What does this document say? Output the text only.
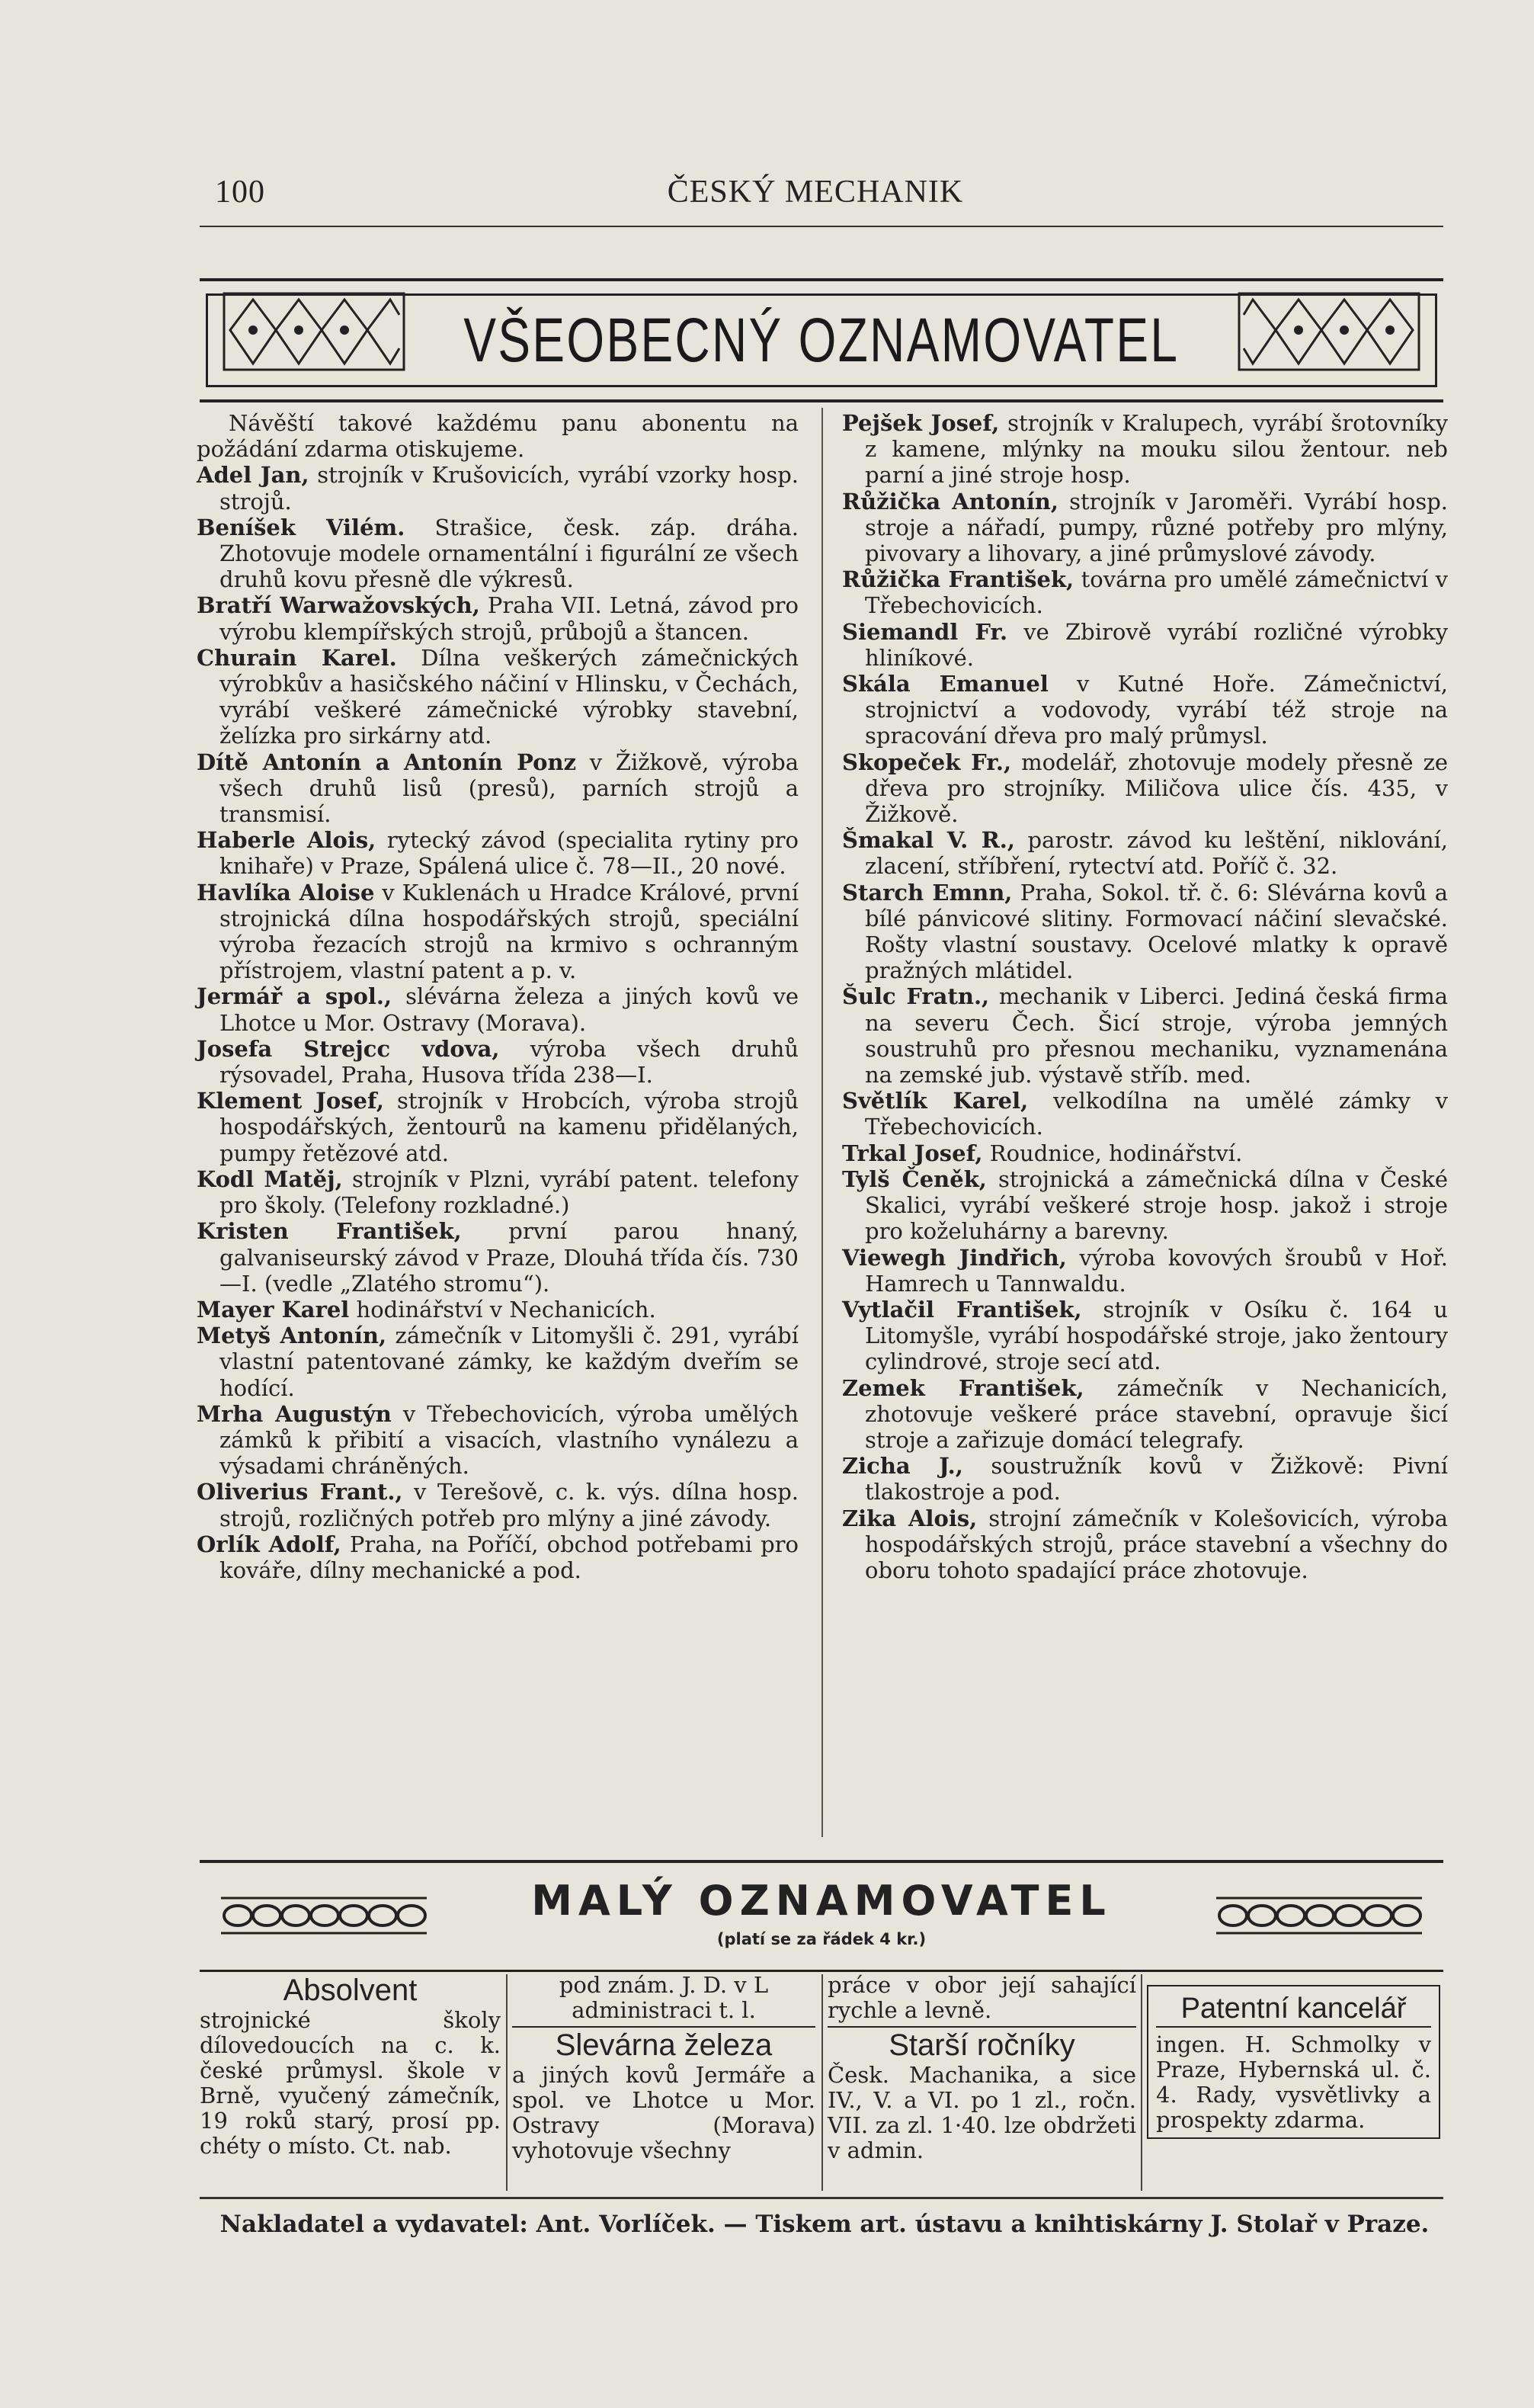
100	ČESKÝ MECHANIK
VŠEOBECNÝ OZNAMOVATEL

Návěští takové každému panu abonentu na požádání zdarma otiskujeme.

Adel Jan, strojník v Krušovicích, vyrábí vzorky hosp. strojů.

Beníšek Vilém. Strašice, česk. záp. dráha. Zhotovuje modele ornamentální i figurální ze všech druhů kovu přesně dle výkresů.

Bratří Warwažovských, Praha VII. Letná, závod pro výrobu klempířských strojů, průbojů a štancen.

Churain Karel. Dílna veškerých zámečnických výrobkův a hasičského náčiní v Hlinsku, v Čechách, vyrábí veškeré zámečnické výrobky stavební, želízka pro sirkárny atd.

Dítě Antonín a Antonín Ponz v Žižkově, výroba všech druhů lisů (presů), parních strojů a transmisí.

Haberle Alois, rytecký závod (specialita rytiny pro knihaře) v Praze, Spálená ulice č. 78—II., 20 nové.

Havlíka Aloise v Kuklenách u Hradce Králové, první strojnická dílna hospodářských strojů, speciální výroba řezacích strojů na krmivo s ochranným přístrojem, vlastní patent a p. v.

Jermář a spol., slévárna železa a jiných kovů ve Lhotce u Mor. Ostravy (Morava).

Josefa Strejcc vdova, výroba všech druhů rýsovadel, Praha, Husova třída 238—I.

Klement Josef, strojník v Hrobcích, výroba strojů hospodářských, žentourů na kamenu přidělaných, pumpy řetězové atd.

Kodl Matěj, strojník v Plzni, vyrábí patent. telefony pro školy. (Telefony rozkladné.)

Kristen František, první parou hnaný, galvaniseurský závod v Praze, Dlouhá třída čís. 730—I. (vedle „Zlatého stromu“).

Mayer Karel hodinářství v Nechanicích.

Metyš Antonín, zámečník v Litomyšli č. 291, vyrábí vlastní patentované zámky, ke každým dveřím se hodící.

Mrha Augustýn v Třebechovicích, výroba umělých zámků k přibití a visacích, vlastního vynálezu a výsadami chráněných.

Oliverius Frant., v Terešově, c. k. výs. dílna hosp. strojů, rozličných potřeb pro mlýny a jiné závody.

Orlík Adolf, Praha, na Poříčí, obchod potřebami pro kováře, dílny mechanické a pod.

Pejšek Josef, strojník v Kralupech, vyrábí šrotovníky z kamene, mlýnky na mouku silou žentour. neb parní a jiné stroje hosp.

Růžička Antonín, strojník v Jaroměři. Vyrábí hosp. stroje a nářadí, pumpy, různé potřeby pro mlýny, pivovary a lihovary, a jiné průmyslové závody.

Růžička František, továrna pro umělé zámečnictví v Třebechovicích.

Siemandl Fr. ve Zbirově vyrábí rozličné výrobky hliníkové.

Skála Emanuel v Kutné Hoře. Zámečnictví, strojnictví a vodovody, vyrábí též stroje na spracování dřeva pro malý průmysl.

Skopeček Fr., modelář, zhotovuje modely přesně ze dřeva pro strojníky. Miličova ulice čís. 435, v Žižkově.

Šmakal V. R., parostr. závod ku leštění, niklování, zlacení, stříbření, rytectví atd. Poříč č. 32.

Starch Emnn, Praha, Sokol. tř. č. 6: Slévárna kovů a bílé pánvicové slitiny. Formovací náčiní slevačské. Rošty vlastní soustavy. Ocelové mlatky k opravě pražných mlátidel.

Šulc Fratn., mechanik v Liberci. Jediná česká firma na severu Čech. Šicí stroje, výroba jemných soustruhů pro přesnou mechaniku, vyznamenána na zemské jub. výstavě stříb. med.

Světlík Karel, velkodílna na umělé zámky v Třebechovicích.

Trkal Josef, Roudnice, hodinářství.

Tylš Čeněk, strojnická a zámečnická dílna v České Skalici, vyrábí veškeré stroje hosp. jakož i stroje pro koželuhárny a barevny.

Viewegh Jindřich, výroba kovových šroubů v Hoř. Hamrech u Tannwaldu.

Vytlačil František, strojník v Osíku č. 164 u Litomyšle, vyrábí hospodářské stroje, jako žentoury cylindrové, stroje secí atd.

Zemek František, zámečník v Nechanicích, zhotovuje veškeré práce stavební, opravuje šicí stroje a zařizuje domácí telegrafy.

Zicha J., soustružník kovů v Žižkově: Pivní tlakostroje a pod.

Zika Alois, strojní zámečník v Kolešovicích, výroba hospodářských strojů, práce stavební a všechny do oboru tohoto spadající práce zhotovuje.

MALÝ OZNAMOVATEL
(platí se za řádek 4 kr.)

Absolvent

strojnické školy dílovedoucích na c. k. české průmysl. škole v Brně, vyučený zámečník, 19 roků starý, prosí pp. chéty o místo. Ct. nab.

pod znám. J. D. v L administraci t. l.

Slevárna železa

a jiných kovů Jermáře a spol. ve Lhotce u Mor. Ostravy (Morava) vyhotovuje všechny

práce v obor její sahající rychle a levně.

Starší ročníky

Česk. Machanika, a sice IV., V. a VI. po 1 zl., ročn. VII. za zl. 1·40. lze obdržeti v admin.

Patentní kancelář

ingen. H. Schmolky v Praze, Hybernská ul. č. 4. Rady, vysvětlivky a prospekty zdarma.

Nakladatel a vydavatel: Ant. Vorlíček. — Tiskem art. ústavu a knihtiskárny J. Stolař v Praze.
